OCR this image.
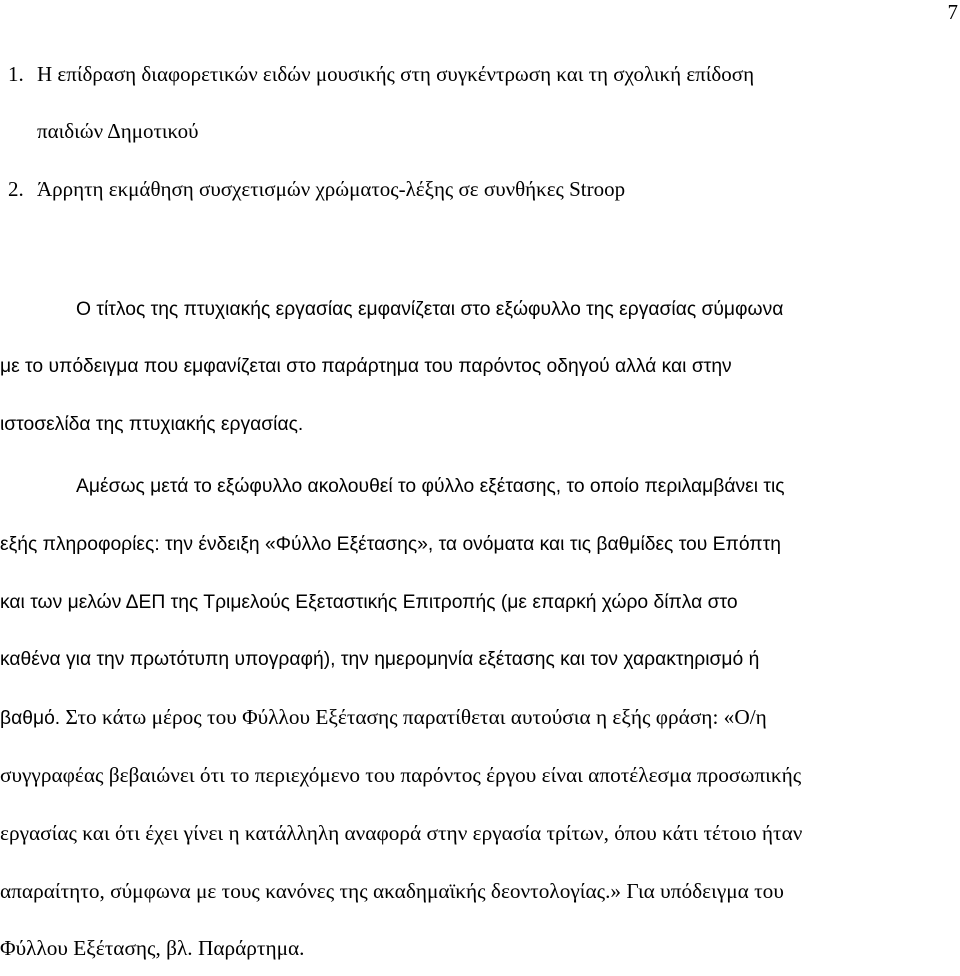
7
1. Η επίδραση διαφορετικών ειδών μουσικής στη συγκέντρωση και τη σχολική επίδοση
παιδιών Δημοτικού
2. Άρρητη εκμάθηση συσχετισμών χρώματος-λέξης σε συνθήκες Stroop
Ο τίτλος της πτυχιακής εργασίας εμφανίζεται στο εξώφυλλο της εργασίας σύμφωνα
με το υπόδειγμα που εμφανίζεται στο παράρτημα του παρόντος οδηγού αλλά και στην
ιστοσελίδα της πτυχιακής εργασίας.
Αμέσως μετά το εξώφυλλο ακολουθεί το φύλλο εξέτασης, το οποίο περιλαμβάνει τις
εξής πληροφορίες: την ένδειξη «Φύλλο Εξέτασης», τα ονόματα και τις βαθμίδες του Επόπτη
και των μελών ΔΕΠ της Τριμελούς Εξεταστικής Επιτροπής (με επαρκή χώρο δίπλα στο
καθένα για την πρωτότυπη υπογραφή), την ημερομηνία εξέτασης και τον χαρακτηρισμό ή
βαθμό. Στο κάτω μέρος του Φύλλου Εξέτασης παρατίθεται αυτούσια η εξής φράση: «Ο/η
συγγραφέας βεβαιώνει ότι το περιεχόμενο του παρόντος έργου είναι αποτέλεσμα προσωπικής
εργασίας και ότι έχει γίνει η κατάλληλη αναφορά στην εργασία τρίτων, όπου κάτι τέτοιο ήταν
απαραίτητο, σύμφωνα με τους κανόνες της ακαδημαϊκής δεοντολογίας.» Για υπόδειγμα του
Φύλλου Εξέτασης, βλ. Παράρτημα.
